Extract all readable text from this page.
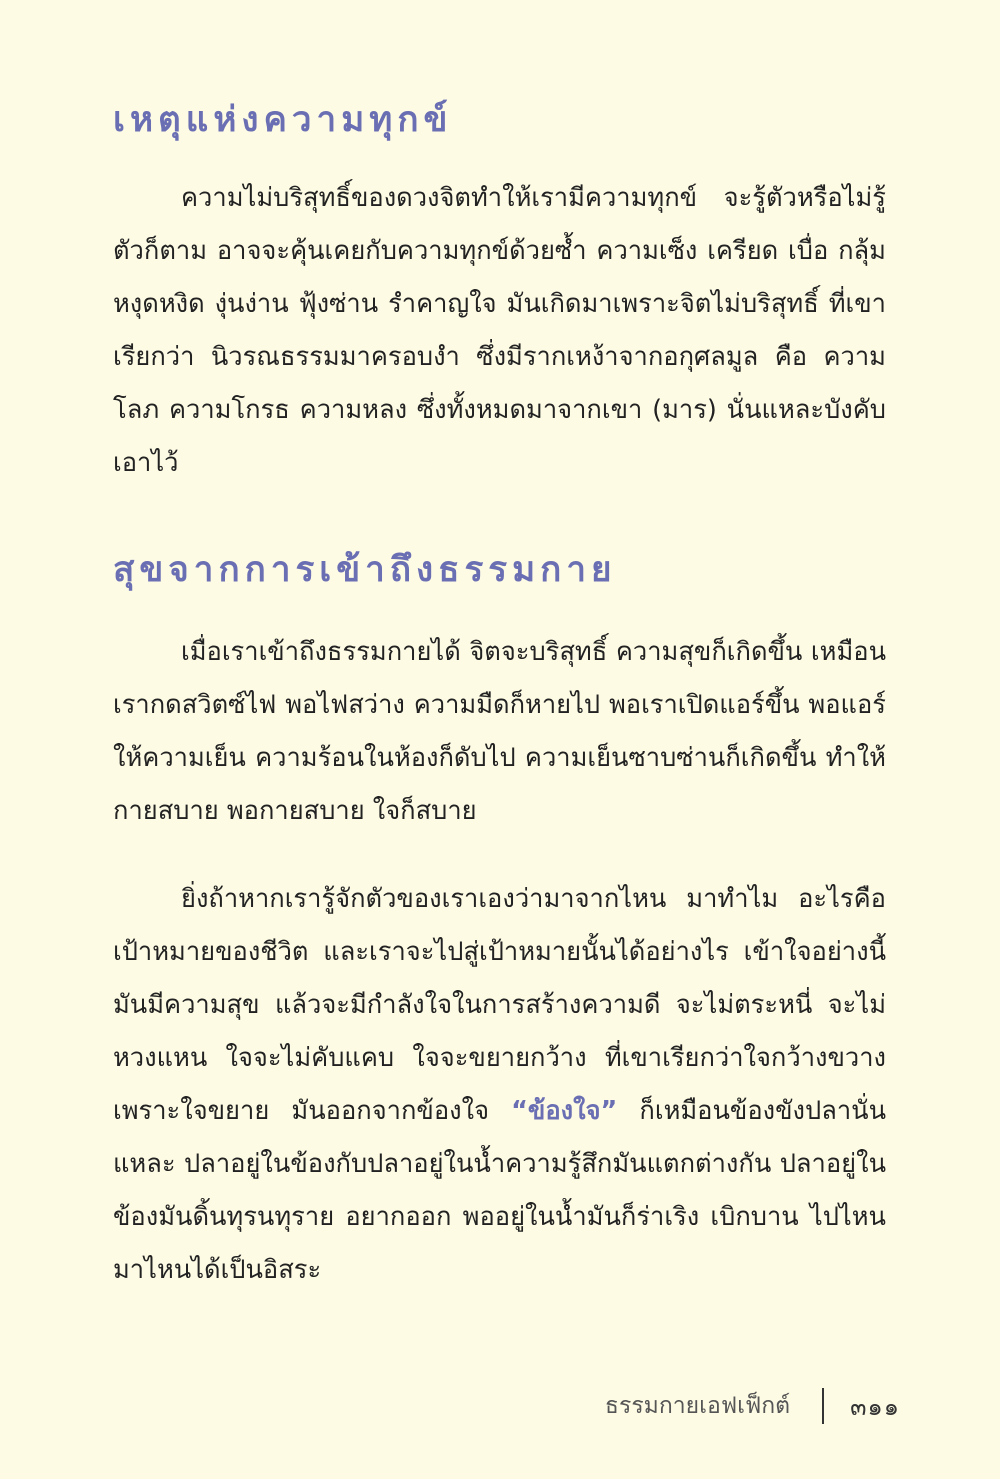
เหตุแห่งความทุกข์

ความไม่บริสุทธิ์ของดวงจิตทำให้เรามีความทุกข์ จะรู้ตัวหรือไม่รู้ตัวก็ตาม อาจจะคุ้นเคยกับความทุกข์ด้วยซ้ำ ความเซ็ง เครียด เบื่อ กลุ้ม หงุดหงิด งุ่นง่าน ฟุ้งซ่าน รำคาญใจ มันเกิดมาเพราะจิตไม่บริสุทธิ์ ที่เขาเรียกว่า นิวรณธรรมมาครอบงำ ซึ่งมีรากเหง้าจากอกุศลมูล คือ ความโลภ ความโกรธ ความหลง ซึ่งทั้งหมดมาจากเขา (มาร) นั่นแหละบังคับเอาไว้

สุขจากการเข้าถึงธรรมกาย

เมื่อเราเข้าถึงธรรมกายได้ จิตจะบริสุทธิ์ ความสุขก็เกิดขึ้น เหมือนเรากดสวิตซ์ไฟ พอไฟสว่าง ความมืดก็หายไป พอเราเปิดแอร์ขึ้น พอแอร์ให้ความเย็น ความร้อนในห้องก็ดับไป ความเย็นซาบซ่านก็เกิดขึ้น ทำให้กายสบาย พอกายสบาย ใจก็สบาย

ยิ่งถ้าหากเรารู้จักตัวของเราเองว่ามาจากไหน มาทำไม อะไรคือเป้าหมายของชีวิต และเราจะไปสู่เป้าหมายนั้นได้อย่างไร เข้าใจอย่างนี้มันมีความสุข แล้วจะมีกำลังใจในการสร้างความดี จะไม่ตระหนี่ จะไม่หวงแหน ใจจะไม่คับแคบ ใจจะขยายกว้าง ที่เขาเรียกว่าใจกว้างขวาง เพราะใจขยาย มันออกจากข้องใจ “ข้องใจ” ก็เหมือนข้องขังปลานั่นแหละ ปลาอยู่ในข้องกับปลาอยู่ในน้ำความรู้สึกมันแตกต่างกัน ปลาอยู่ในข้องมันดิ้นทุรนทุราย อยากออก พออยู่ในน้ำมันก็ร่าเริง เบิกบาน ไปไหนมาไหนได้เป็นอิสระ

ธรรมกายเอฟเฟ็กต์	๓๑๑
